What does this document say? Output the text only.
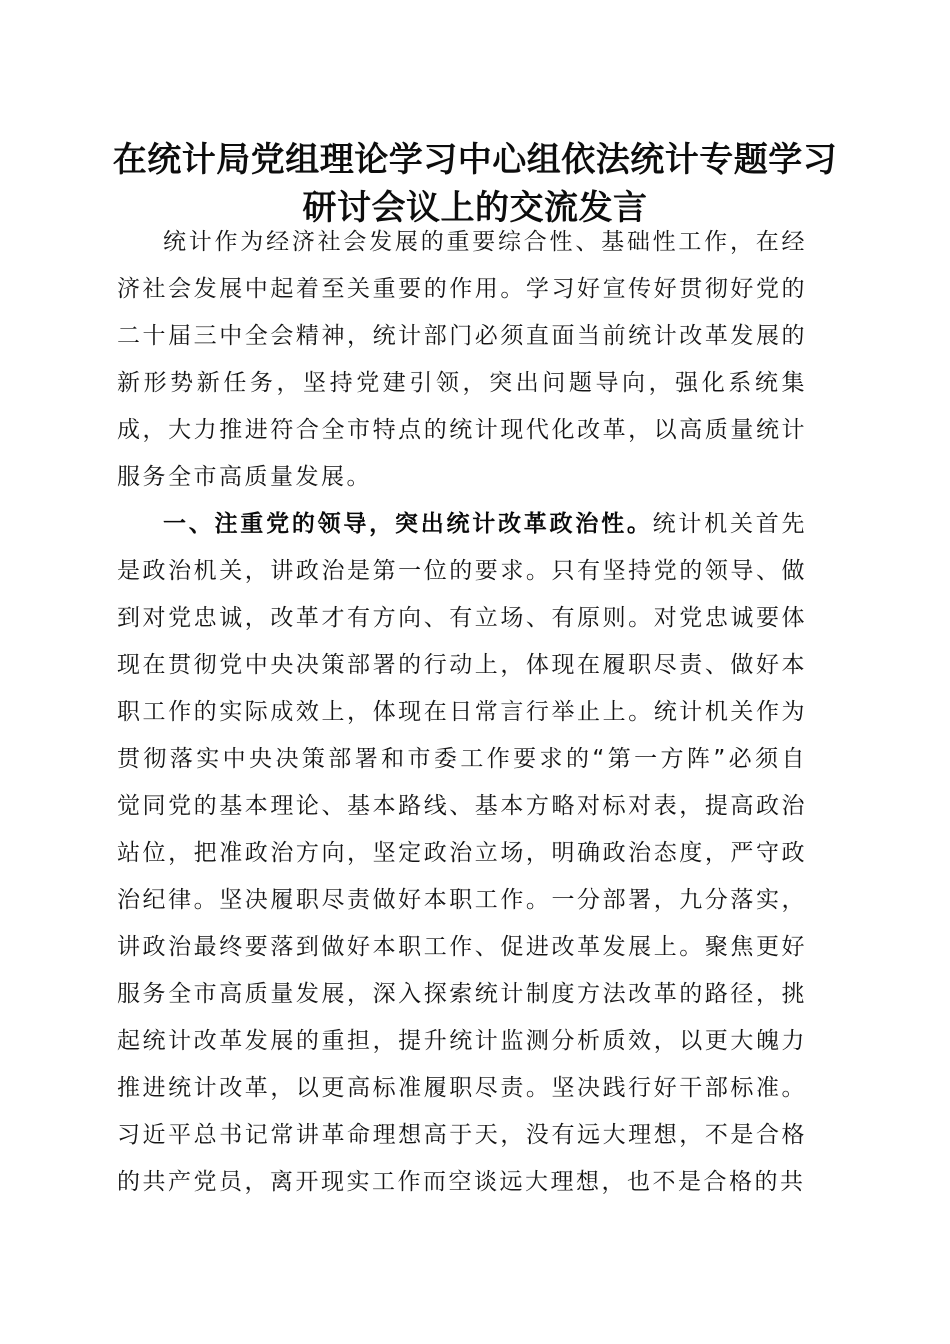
在统计局党组理论学习中心组依法统计专题学习研讨会议上的交流发言

统计作为经济社会发展的重要综合性、基础性工作，在经济社会发展中起着至关重要的作用。学习好宣传好贯彻好党的二十届三中全会精神，统计部门必须直面当前统计改革发展的新形势新任务，坚持党建引领，突出问题导向，强化系统集成，大力推进符合全市特点的统计现代化改革，以高质量统计服务全市高质量发展。

一、注重党的领导，突出统计改革政治性。统计机关首先是政治机关，讲政治是第一位的要求。只有坚持党的领导、做到对党忠诚，改革才有方向、有立场、有原则。对党忠诚要体现在贯彻党中央决策部署的行动上，体现在履职尽责、做好本职工作的实际成效上，体现在日常言行举止上。统计机关作为贯彻落实中央决策部署和市委工作要求的“第一方阵”必须自觉同党的基本理论、基本路线、基本方略对标对表，提高政治站位，把准政治方向，坚定政治立场，明确政治态度，严守政治纪律。坚决履职尽责做好本职工作。一分部署，九分落实，讲政治最终要落到做好本职工作、促进改革发展上。聚焦更好服务全市高质量发展，深入探索统计制度方法改革的路径，挑起统计改革发展的重担，提升统计监测分析质效，以更大魄力推进统计改革，以更高标准履职尽责。坚决践行好干部标准。习近平总书记常讲革命理想高于天，没有远大理想，不是合格的共产党员，离开现实工作而空谈远大理想，也不是合格的共
